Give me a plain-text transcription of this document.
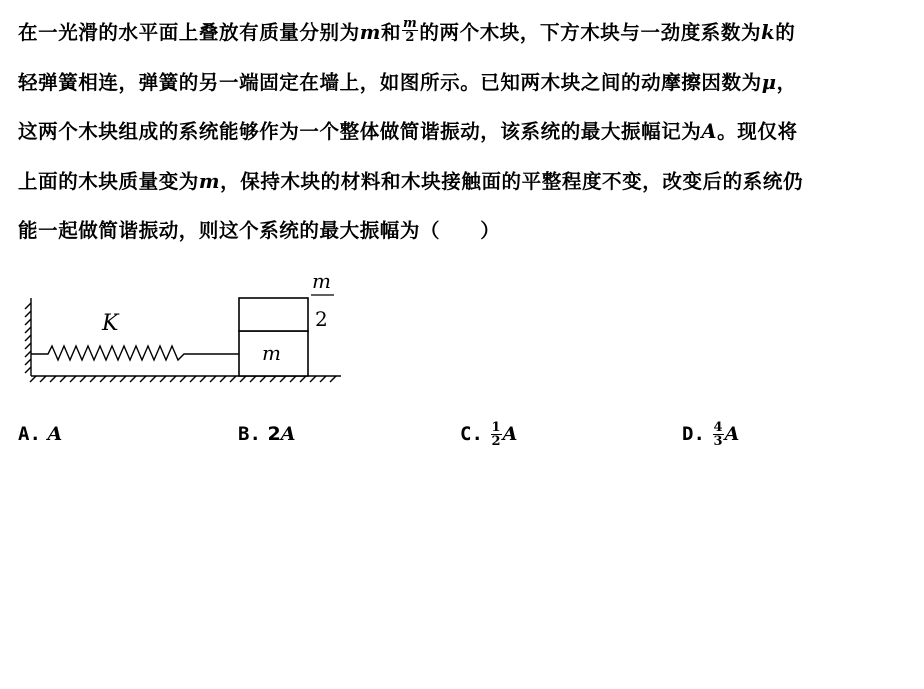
在一光滑的水平面上叠放有质量分别为m和 $\frac{m}{2}$ 的两个木块，下方木块与一劲度系数为k的
轻弹簧相连，弹簧的另一端固定在墙上，如图所示。已知两木块之间的动摩擦因数为μ，
这两个木块组成的系统能够作为一个整体做简谐振动，该系统的最大振幅记为A。现仅将
上面的木块质量变为m，保持木块的材料和木块接触面的平整程度不变，改变后的系统仍
能一起做简谐振动，则这个系统的最大振幅为（　　）
K
m
m
2
A.
A	B.
2 A	C.
$\frac{1}{2}$ A	D.
$\frac{4}{3}$ A
